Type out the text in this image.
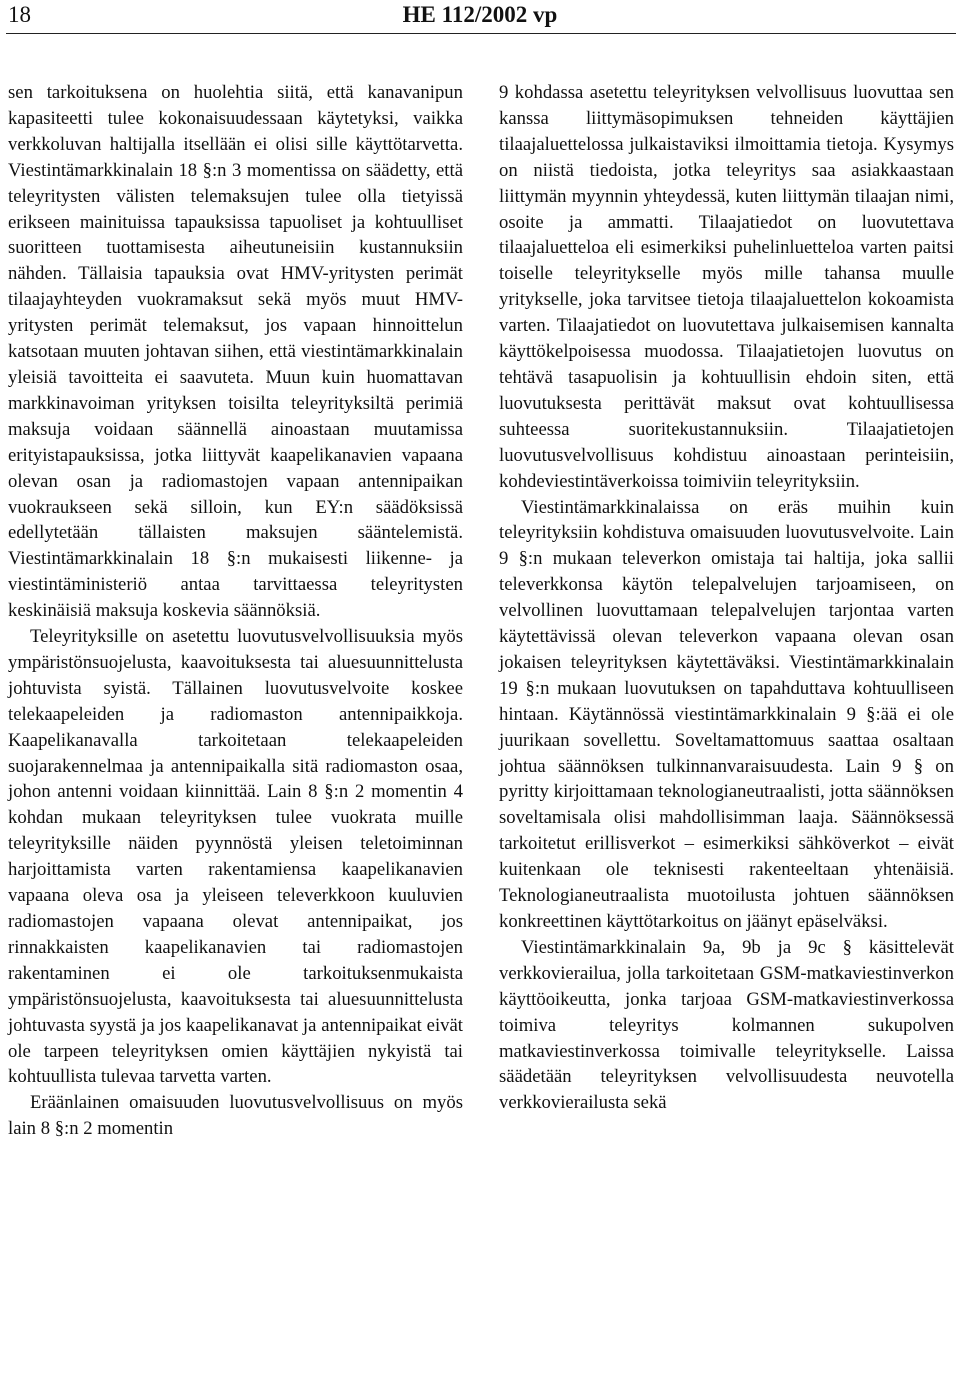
18	HE 112/2002 vp

sen tarkoituksena on huolehtia siitä, että kanavanipun kapasiteetti tulee kokonaisuudessaan käytetyksi, vaikka verkkoluvan haltijalla itsellään ei olisi sille käyttötarvetta. Viestintämarkkinalain 18 §:n 3 momentissa on säädetty, että teleyritysten välisten telemaksujen tulee olla tietyissä erikseen mainituissa tapauksissa tapuoliset ja kohtuulliset suoritteen tuottamisesta aiheutuneisiin kustannuksiin nähden. Tällaisia tapauksia ovat HMV-yritysten perimät tilaajayhteyden vuokramaksut sekä myös muut HMV-yritysten perimät telemaksut, jos vapaan hinnoittelun katsotaan muuten johtavan siihen, että viestintämarkkinalain yleisiä tavoitteita ei saavuteta. Muun kuin huomattavan markkinavoiman yrityksen toisilta teleyrityksiltä perimiä maksuja voidaan säännellä ainoastaan muutamissa erityistapauksissa, jotka liittyvät kaapelikanavien vapaana olevan osan ja radiomastojen vapaan antennipaikan vuokraukseen sekä silloin, kun EY:n säädöksissä edellytetään tällaisten maksujen sääntelemistä. Viestintämarkkinalain 18 §:n mukaisesti liikenne- ja viestintäministeriö antaa tarvittaessa teleyritysten keskinäisiä maksuja koskevia säännöksiä.

Teleyrityksille on asetettu luovutusvelvollisuuksia myös ympäristönsuojelusta, kaavoituksesta tai aluesuunnittelusta johtuvista syistä. Tällainen luovutusvelvoite koskee telekaapeleiden ja radiomaston antennipaikkoja. Kaapelikanavalla tarkoitetaan telekaapeleiden suojarakennelmaa ja antennipaikalla sitä radiomaston osaa, johon antenni voidaan kiinnittää. Lain 8 §:n 2 momentin 4 kohdan mukaan teleyrityksen tulee vuokrata muille teleyrityksille näiden pyynnöstä yleisen teletoiminnan harjoittamista varten rakentamiensa kaapelikanavien vapaana oleva osa ja yleiseen televerkkoon kuuluvien radiomastojen vapaana olevat antennipaikat, jos rinnakkaisten kaapelikanavien tai radiomastojen rakentaminen ei ole tarkoituksenmukaista ympäristönsuojelusta, kaavoituksesta tai aluesuunnittelusta johtuvasta syystä ja jos kaapelikanavat ja antennipaikat eivät ole tarpeen teleyrityksen omien käyttäjien nykyistä tai kohtuullista tulevaa tarvetta varten.

Eräänlainen omaisuuden luovutusvelvollisuus on myös lain 8 §:n 2 momentin

9 kohdassa asetettu teleyrityksen velvollisuus luovuttaa sen kanssa liittymäsopimuksen tehneiden käyttäjien tilaajaluettelossa julkaistaviksi ilmoittamia tietoja. Kysymys on niistä tiedoista, jotka teleyritys saa asiakkaastaan liittymän myynnin yhteydessä, kuten liittymän tilaajan nimi, osoite ja ammatti. Tilaajatiedot on luovutettava tilaajaluetteloa eli esimerkiksi puhelinluetteloa varten paitsi toiselle teleyritykselle myös mille tahansa muulle yritykselle, joka tarvitsee tietoja tilaajaluettelon kokoamista varten. Tilaajatiedot on luovutettava julkaisemisen kannalta käyttökelpoisessa muodossa. Tilaajatietojen luovutus on tehtävä tasapuolisin ja kohtuullisin ehdoin siten, että luovutuksesta perittävät maksut ovat kohtuullisessa suhteessa suoritekustannuksiin. Tilaajatietojen luovutusvelvollisuus kohdistuu ainoastaan perinteisiin, kohdeviestintäverkoissa toimiviin teleyrityksiin.

Viestintämarkkinalaissa on eräs muihin kuin teleyrityksiin kohdistuva omaisuuden luovutusvelvoite. Lain 9 §:n mukaan televerkon omistaja tai haltija, joka sallii televerkkonsa käytön telepalvelujen tarjoamiseen, on velvollinen luovuttamaan telepalvelujen tarjontaa varten käytettävissä olevan televerkon vapaana olevan osan jokaisen teleyrityksen käytettäväksi. Viestintämarkkinalain 19 §:n mukaan luovutuksen on tapahduttava kohtuulliseen hintaan. Käytännössä viestintämarkkinalain 9 §:ää ei ole juurikaan sovellettu. Soveltamattomuus saattaa osaltaan johtua säännöksen tulkinnanvaraisuudesta. Lain 9 § on pyritty kirjoittamaan teknologianeutraalisti, jotta säännöksen soveltamisala olisi mahdollisimman laaja. Säännöksessä tarkoitetut erillisverkot – esimerkiksi sähköverkot – eivät kuitenkaan ole teknisesti rakenteeltaan yhtenäisiä. Teknologianeutraalista muotoilusta johtuen säännöksen konkreettinen käyttötarkoitus on jäänyt epäselväksi.

Viestintämarkkinalain 9a, 9b ja 9c § käsittelevät verkkovierailua, jolla tarkoitetaan GSM-matkaviestinverkon käyttöoikeutta, jonka tarjoaa GSM-matkaviestinverkossa toimiva teleyritys kolmannen sukupolven matkaviestinverkossa toimivalle teleyritykselle. Laissa säädetään teleyrityksen velvollisuudesta neuvotella verkkovierailusta sekä
